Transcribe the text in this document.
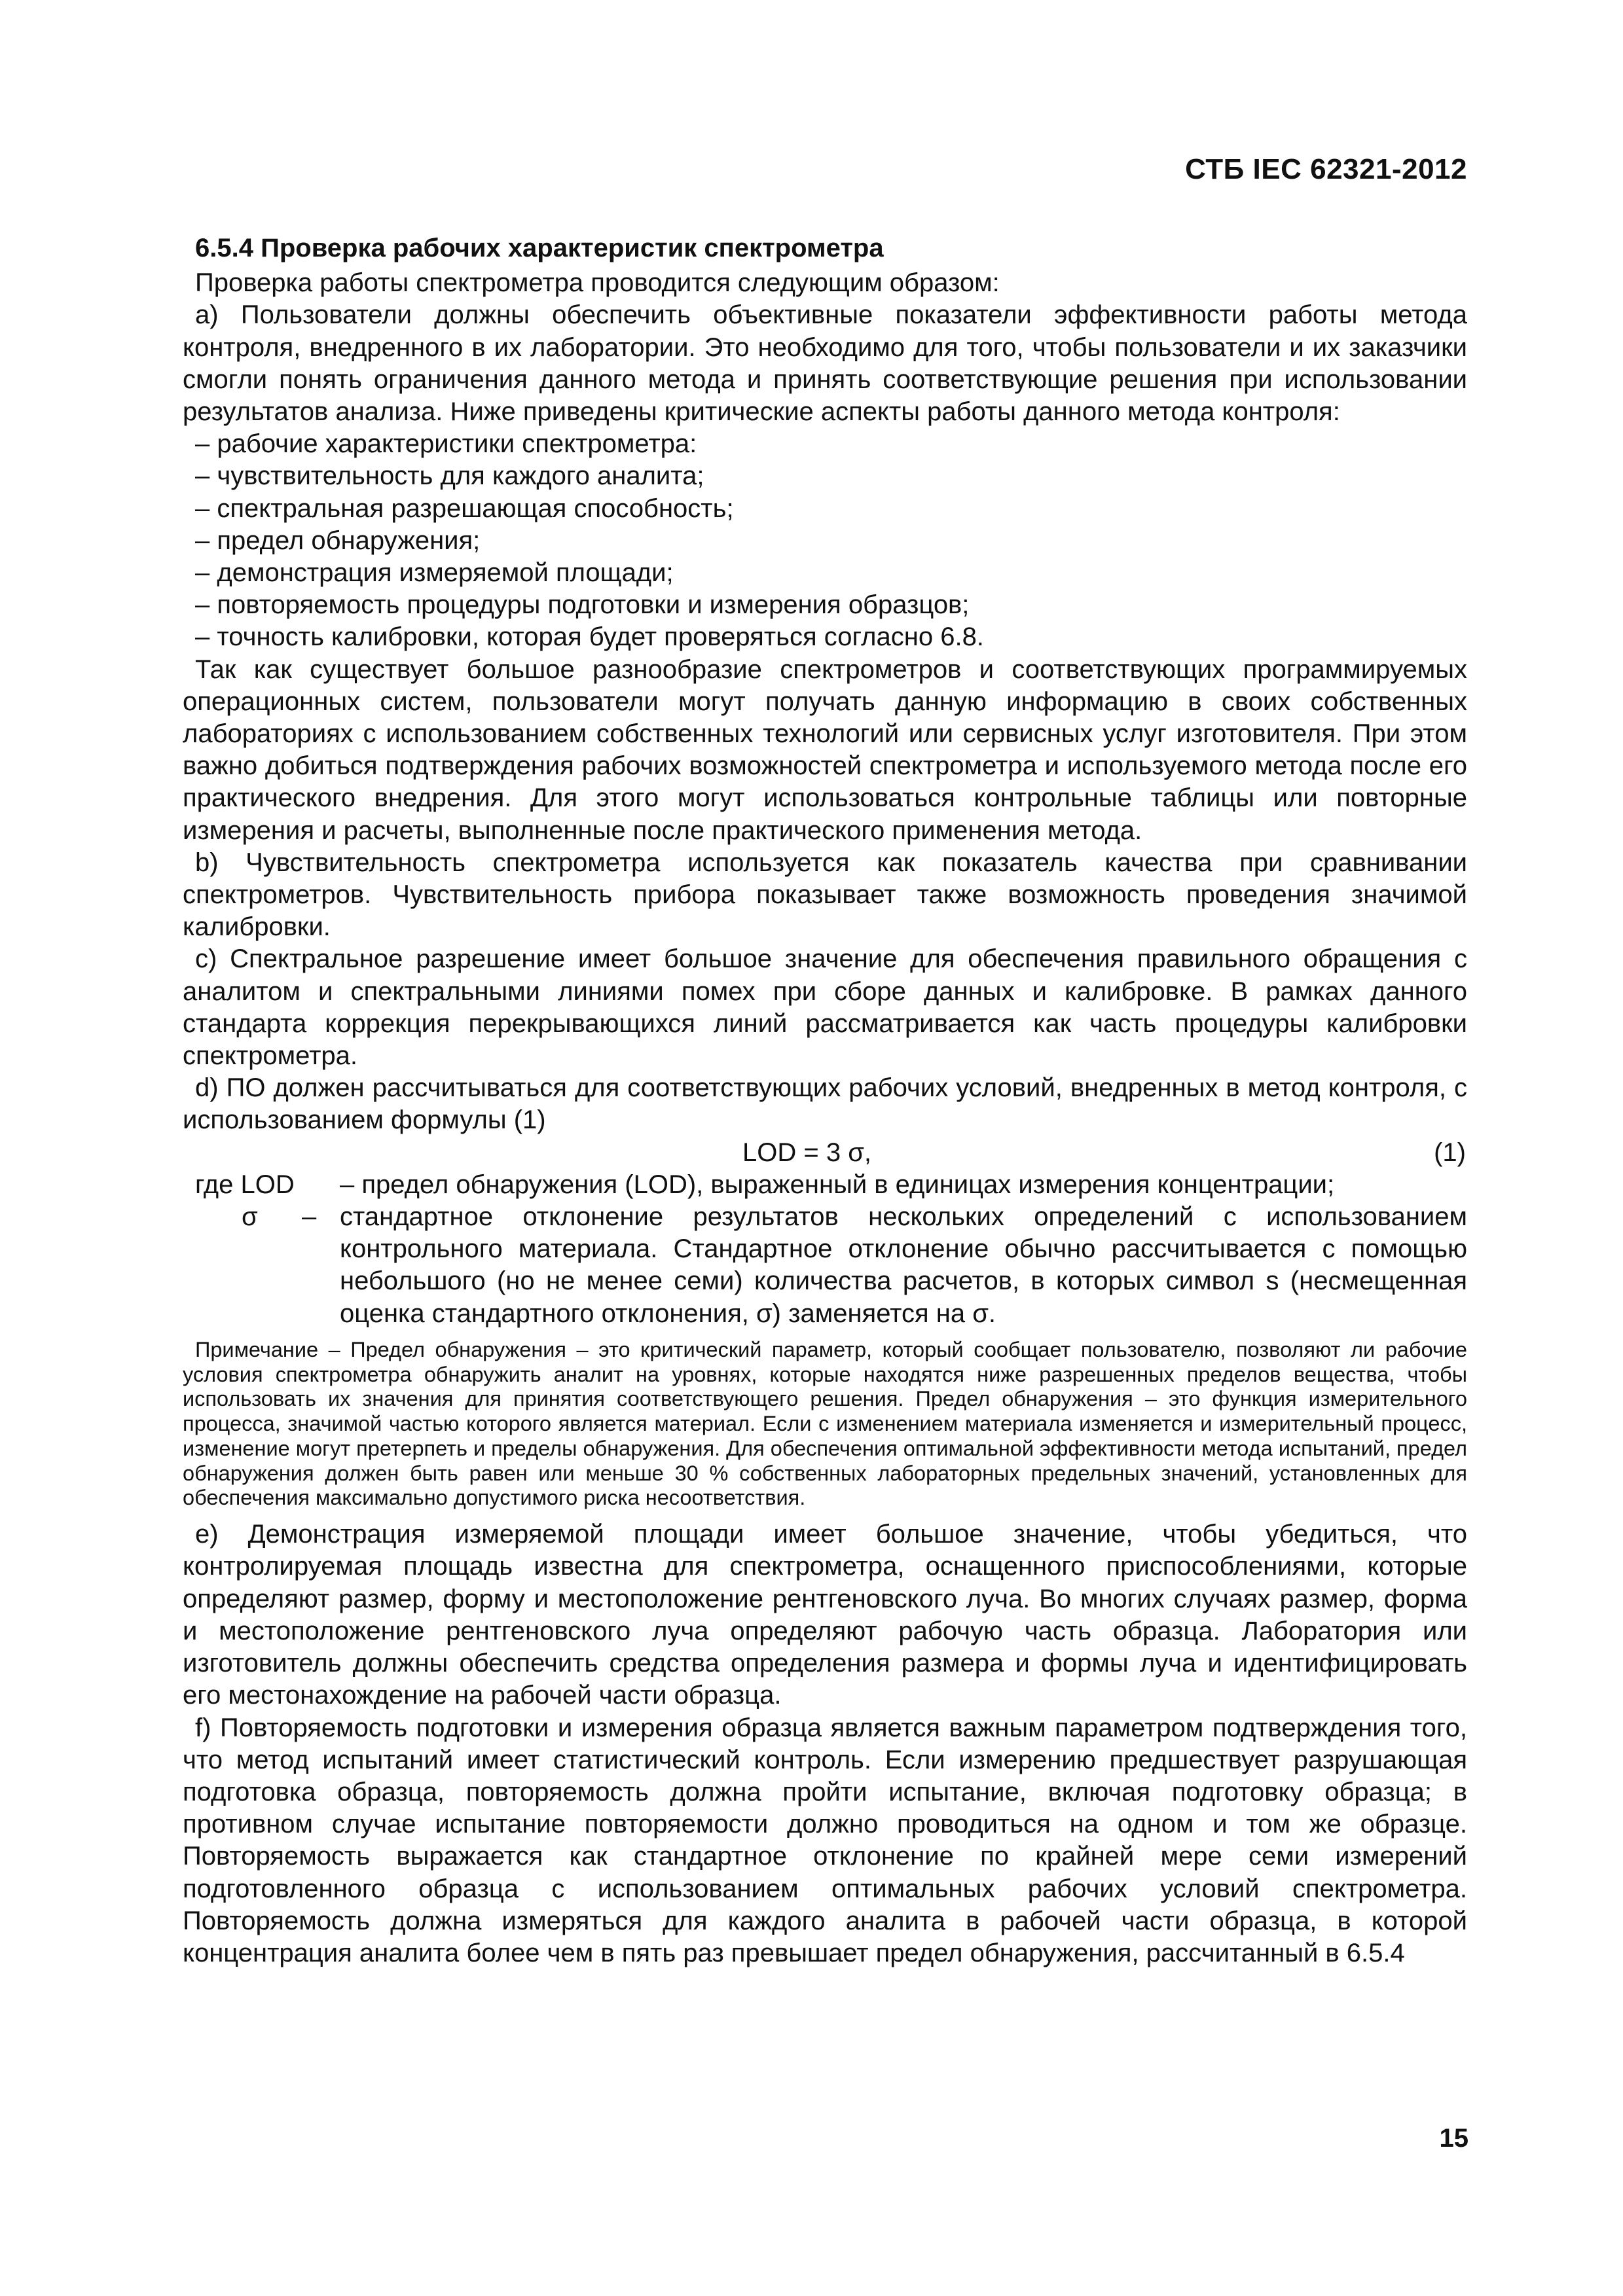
СТБ IEC 62321-2012

6.5.4 Проверка рабочих характеристик спектрометра

Проверка работы спектрометра проводится следующим образом:

a) Пользователи должны обеспечить объективные показатели эффективности работы метода контроля, внедренного в их лаборатории. Это необходимо для того, чтобы пользователи и их заказчики смогли понять ограничения данного метода и принять соответствующие решения при использовании результатов анализа. Ниже приведены критические аспекты работы данного метода контроля:

– рабочие характеристики спектрометра:

– чувствительность для каждого аналита;

– спектральная разрешающая способность;

– предел обнаружения;

– демонстрация измеряемой площади;

– повторяемость процедуры подготовки и измерения образцов;

– точность калибровки, которая будет проверяться согласно 6.8.

Так как существует большое разнообразие спектрометров и соответствующих программируемых операционных систем, пользователи могут получать данную информацию в своих собственных лабораториях с использованием собственных технологий или сервисных услуг изготовителя. При этом важно добиться подтверждения рабочих возможностей спектрометра и используемого метода после его практического внедрения. Для этого могут использоваться контрольные таблицы или повторные измерения и расчеты, выполненные после практического применения метода.

b) Чувствительность спектрометра используется как показатель качества при сравнивании спектрометров. Чувствительность прибора показывает также возможность проведения значимой калибровки.

c) Спектральное разрешение имеет большое значение для обеспечения правильного обращения с аналитом и спектральными линиями помех при сборе данных и калибровке. В рамках данного стандарта коррекция перекрывающихся линий рассматривается как часть процедуры калибровки спектрометра.

d) ПО должен рассчитываться для соответствующих рабочих условий, внедренных в метод контроля, с использованием формулы (1)

LOD = 3 σ,	(1)
где LOD	– предел обнаружения (LOD), выраженный в единицах измерения концентрации;
σ – стандартное отклонение результатов нескольких определений с использованием контрольного материала. Стандартное отклонение обычно рассчитывается с помощью небольшого (но не менее семи) количества расчетов, в которых символ s (несмещенная оценка стандартного отклонения, σ) заменяется на σ.

Примечание – Предел обнаружения – это критический параметр, который сообщает пользователю, позволяют ли рабочие условия спектрометра обнаружить аналит на уровнях, которые находятся ниже разрешенных пределов вещества, чтобы использовать их значения для принятия соответствующего решения. Предел обнаружения – это функция измерительного процесса, значимой частью которого является материал. Если с изменением материала изменяется и измерительный процесс, изменение могут претерпеть и пределы обнаружения. Для обеспечения оптимальной эффективности метода испытаний, предел обнаружения должен быть равен или меньше 30 % собственных лабораторных предельных значений, установленных для обеспечения максимально допустимого риска несоответствия.

e) Демонстрация измеряемой площади имеет большое значение, чтобы убедиться, что контролируемая площадь известна для спектрометра, оснащенного приспособлениями, которые определяют размер, форму и местоположение рентгеновского луча. Во многих случаях размер, форма и местоположение рентгеновского луча определяют рабочую часть образца. Лаборатория или изготовитель должны обеспечить средства определения размера и формы луча и идентифицировать его местонахождение на рабочей части образца.

f) Повторяемость подготовки и измерения образца является важным параметром подтверждения того, что метод испытаний имеет статистический контроль. Если измерению предшествует разрушающая подготовка образца, повторяемость должна пройти испытание, включая подготовку образца; в противном случае испытание повторяемости должно проводиться на одном и том же образце. Повторяемость выражается как стандартное отклонение по крайней мере семи измерений подготовленного образца с использованием оптимальных рабочих условий спектрометра. Повторяемость должна измеряться для каждого аналита в рабочей части образца, в которой концентрация аналита более чем в пять раз превышает предел обнаружения, рассчитанный в 6.5.4

15
